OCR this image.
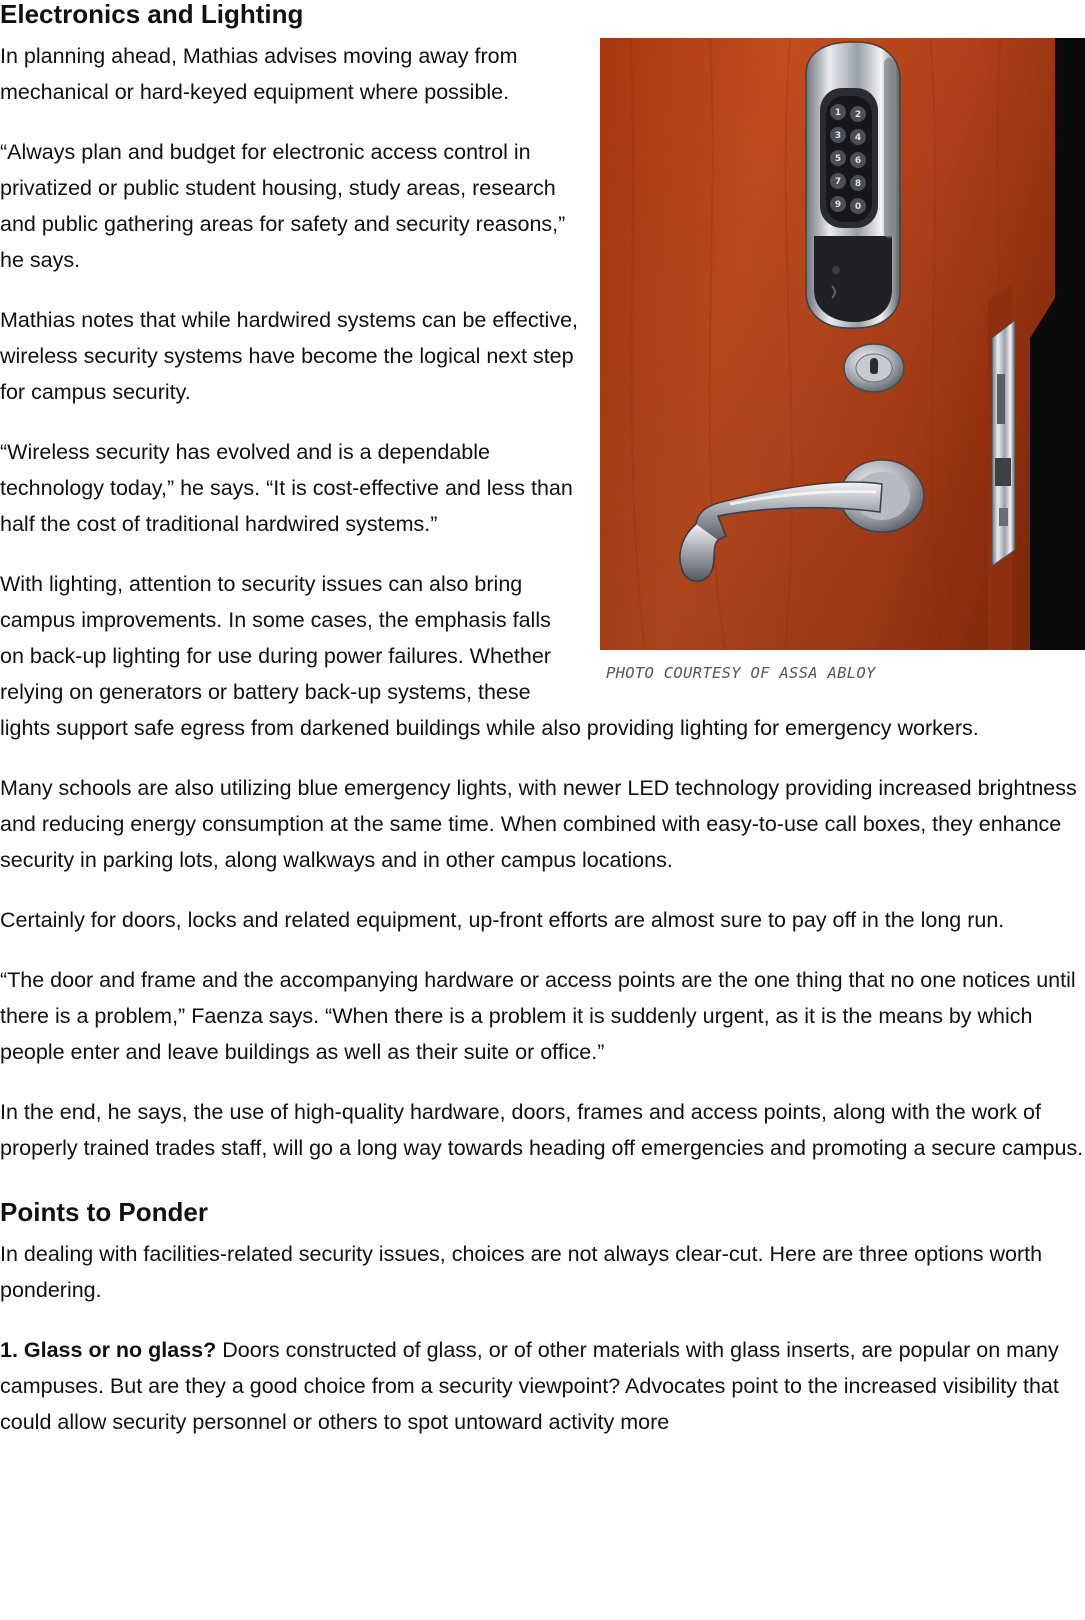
Electronics and Lighting
1 2
3 4
5 6
7 8
9 0
PHOTO COURTESY OF ASSA ABLOY

In planning ahead, Mathias advises moving away from mechanical or hard-keyed equipment where possible.

“Always plan and budget for electronic access control in privatized or public student housing, study areas, research and public gathering areas for safety and security reasons,” he says.

Mathias notes that while hardwired systems can be effective, wireless security systems have become the logical next step for campus security.

“Wireless security has evolved and is a dependable technology today,” he says. “It is cost-effective and less than half the cost of traditional hardwired systems.”

With lighting, attention to security issues can also bring campus improvements. In some cases, the emphasis falls on back-up lighting for use during power failures. Whether relying on generators or battery back-up systems, these lights support safe egress from darkened buildings while also providing lighting for emergency workers.

Many schools are also utilizing blue emergency lights, with newer LED technology providing increased brightness and reducing energy consumption at the same time. When combined with easy-to-use call boxes, they enhance security in parking lots, along walkways and in other campus locations.

Certainly for doors, locks and related equipment, up-front efforts are almost sure to pay off in the long run.

“The door and frame and the accompanying hardware or access points are the one thing that no one notices until there is a problem,” Faenza says. “When there is a problem it is suddenly urgent, as it is the means by which people enter and leave buildings as well as their suite or office.”

In the end, he says, the use of high-quality hardware, doors, frames and access points, along with the work of properly trained trades staff, will go a long way towards heading off emergencies and promoting a secure campus.

Points to Ponder

In dealing with facilities-related security issues, choices are not always clear-cut. Here are three options worth pondering.

1. Glass or no glass? Doors constructed of glass, or of other materials with glass inserts, are popular on many campuses. But are they a good choice from a security viewpoint? Advocates point to the increased visibility that could allow security personnel or others to spot untoward activity more
